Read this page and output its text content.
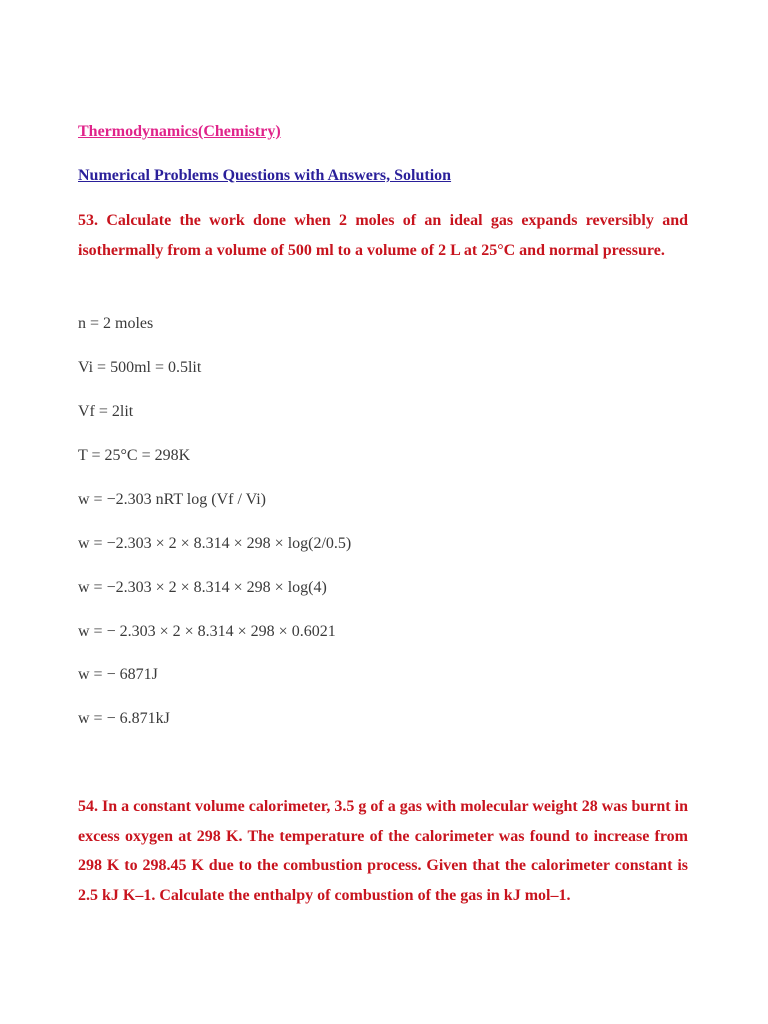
Thermodynamics(Chemistry)
Numerical Problems Questions with Answers, Solution
53. Calculate the work done when 2 moles of an ideal gas expands reversibly and isothermally from a volume of 500 ml to a volume of 2 L at 25°C and normal pressure.
n = 2 moles
Vi = 500ml = 0.5lit
Vf = 2lit
T = 25°C = 298K
w = −2.303 nRT log (Vf / Vi)
w = −2.303 × 2 × 8.314 × 298 × log(2/0.5)
w = −2.303 × 2 × 8.314 × 298 × log(4)
w = − 2.303 × 2 × 8.314 × 298 × 0.6021
w = − 6871J
w = − 6.871kJ
54. In a constant volume calorimeter, 3.5 g of a gas with molecular weight 28 was burnt in excess oxygen at 298 K. The temperature of the calorimeter was found to increase from 298 K to 298.45 K due to the combustion process. Given that the calorimeter constant is 2.5 kJ K–1. Calculate the enthalpy of combustion of the gas in kJ mol–1.
